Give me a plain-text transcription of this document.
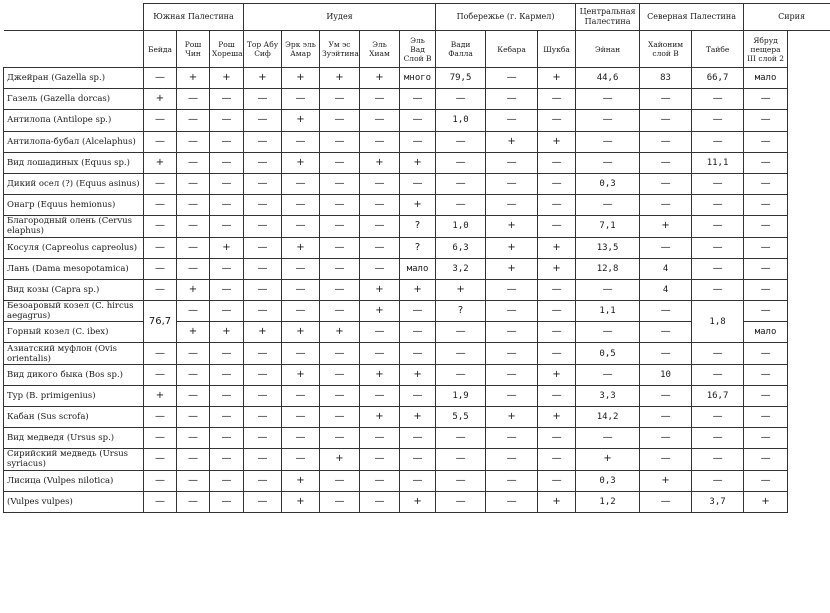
	Южная Палестина			Иудея					Побережье (г. Кармел)			Центральная Палестина	Северная Палестина		Сирия
	Бейда	Рош Чин	Рош Хореша	Тор Абу Сиф	Эрк эль Амар	Ум эс Зуэйтина	Эль Хиам	Эль Вад Слой В	Вади Фалла	Кебара	Шукба	Эйнан	Хайоним слой В	Тайбе	Ябруд пещера III слой 2
Джейран (Gazella sp.)	—	+	+	+	+	+	+	много	79,5	—	+	44,6	83	66,7	мало
Газель (Gazella dorcas)	+	—	—	—	—	—	—	—	—	—	—	—	—	—	—
Антилопа (Antilope sp.)	—	—	—	—	+	—	—	—	1,0	—	—	—	—	—	—
Антилопа-бубал (Alcelaphus)	—	—	—	—	—	—	—	—	—	+	+	—	—	—	—
Вид лошадиных (Equus sp.)	+	—	—	—	+	—	+	+	—	—	—	—	—	11,1	—
Дикий осел (?) (Equus asinus)	—	—	—	—	—	—	—	—	—	—	—	0,3	—	—	—
Онагр (Equus hemionus)	—	—	—	—	—	—	—	+	—	—	—	—	—	—	—
Благородный олень (Cervus elaphus)	—	—	—	—	—	—	—	?	1,0	+	—	7,1	+	—	—
Косуля (Capreolus capreolus)	—	—	+	—	+	—	—	?	6,3	+	+	13,5	—	—	—
Лань (Dama mesopotamica)	—	—	—	—	—	—	—	мало	3,2	+	+	12,8	4	—	—
Вид козы (Capra sp.)	—	+	—	—	—	—	+	+	+	—	—	—	4	—	—
Безоаровый козел (C. hircus aegagrus)	76,7	—	—	—	—	—	+	—	?	—	—	1,1	—	1,8	—
Горный козел (C. ibex)		+	+	+	+	+	—	—	—	—	—	—	—		мало
Азиатский муфлон (Ovis orientalis)	—	—	—	—	—	—	—	—	—	—	—	0,5	—	—	—
Вид дикого быка (Bos sp.)	—	—	—	—	+	—	+	+	—	—	+	—	10	—	—
Тур (B. primigenius)	+	—	—	—	—	—	—	—	1,9	—	—	3,3	—	16,7	—
Кабан (Sus scrofa)	—	—	—	—	—	—	+	+	5,5	+	+	14,2	—	—	—
Вид медведя (Ursus sp.)	—	—	—	—	—	—	—	—	—	—	—	—	—	—	—
Сирийский медведь (Ursus syriacus)	—	—	—	—	—	+	—	—	—	—	—	+	—	—	—
Лисица (Vulpes nilotica)	—	—	—	—	+	—	—	—	—	—	—	0,3	+	—	—
(Vulpes vulpes)	—	—	—	—	+	—	—	+	—	—	+	1,2	—	3,7	+
